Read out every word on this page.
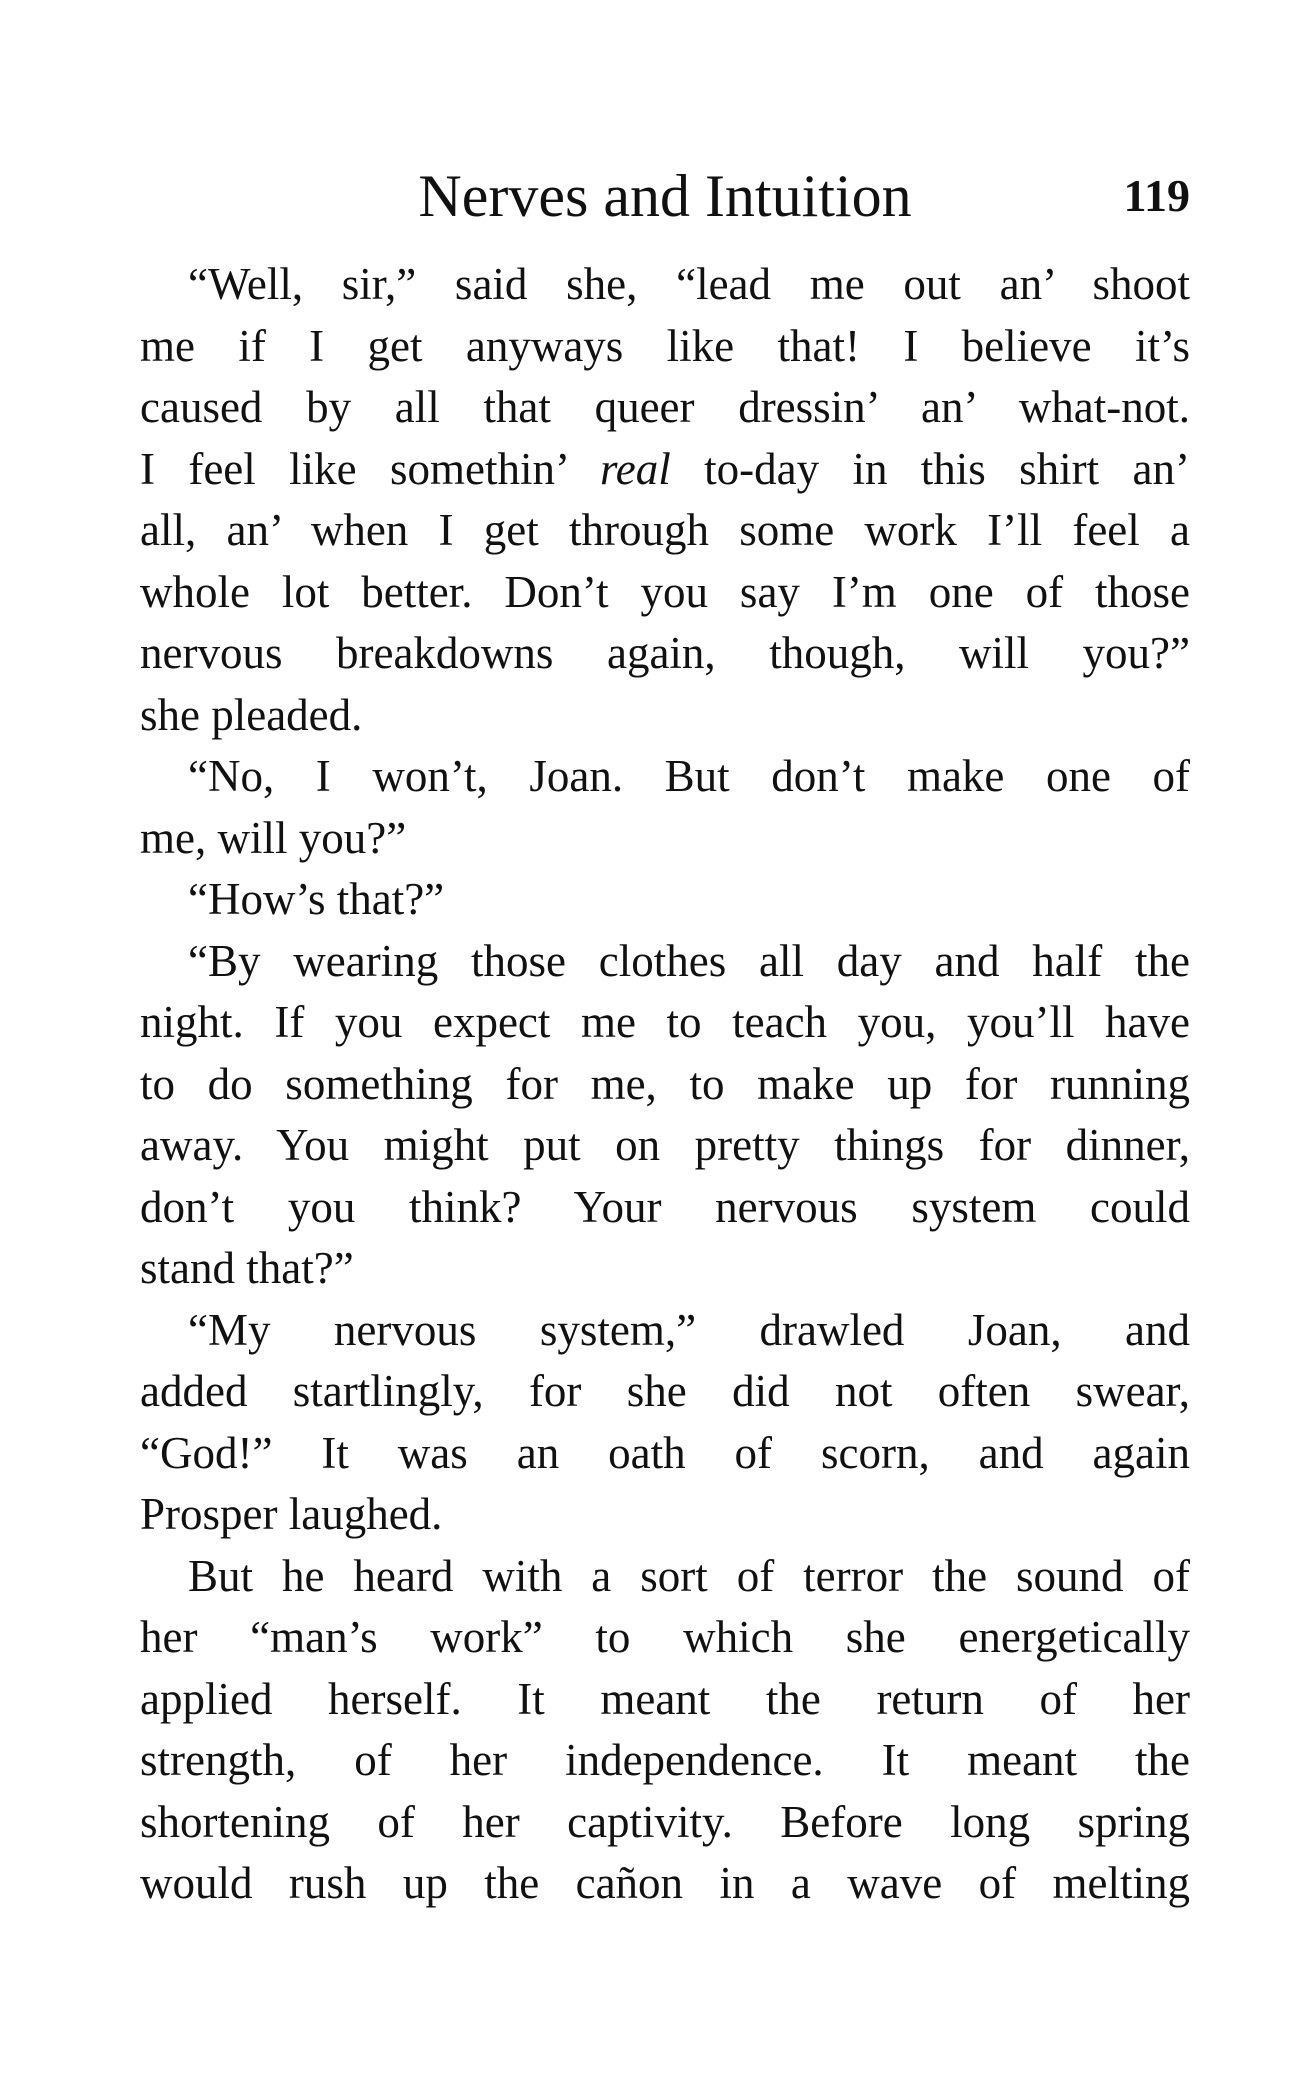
Nerves and Intuition	119
“Well, sir,” said she, “lead me out an’ shoot
me if I get anyways like that! I believe it’s
caused by all that queer dressin’ an’ what-not.
I feel like somethin’ real to-day in this shirt an’
all, an’ when I get through some work I’ll feel a
whole lot better. Don’t you say I’m one of those
nervous breakdowns again, though, will you?”
she pleaded.
“No, I won’t, Joan. But don’t make one of
me, will you?”
“How’s that?”
“By wearing those clothes all day and half the
night. If you expect me to teach you, you’ll have
to do something for me, to make up for running
away. You might put on pretty things for dinner,
don’t you think? Your nervous system could
stand that?”
“My nervous system,” drawled Joan, and
added startlingly, for she did not often swear,
“God!” It was an oath of scorn, and again
Prosper laughed.
But he heard with a sort of terror the sound of
her “man’s work” to which she energetically
applied herself. It meant the return of her
strength, of her independence. It meant the
shortening of her captivity. Before long spring
would rush up the cañon in a wave of melting
